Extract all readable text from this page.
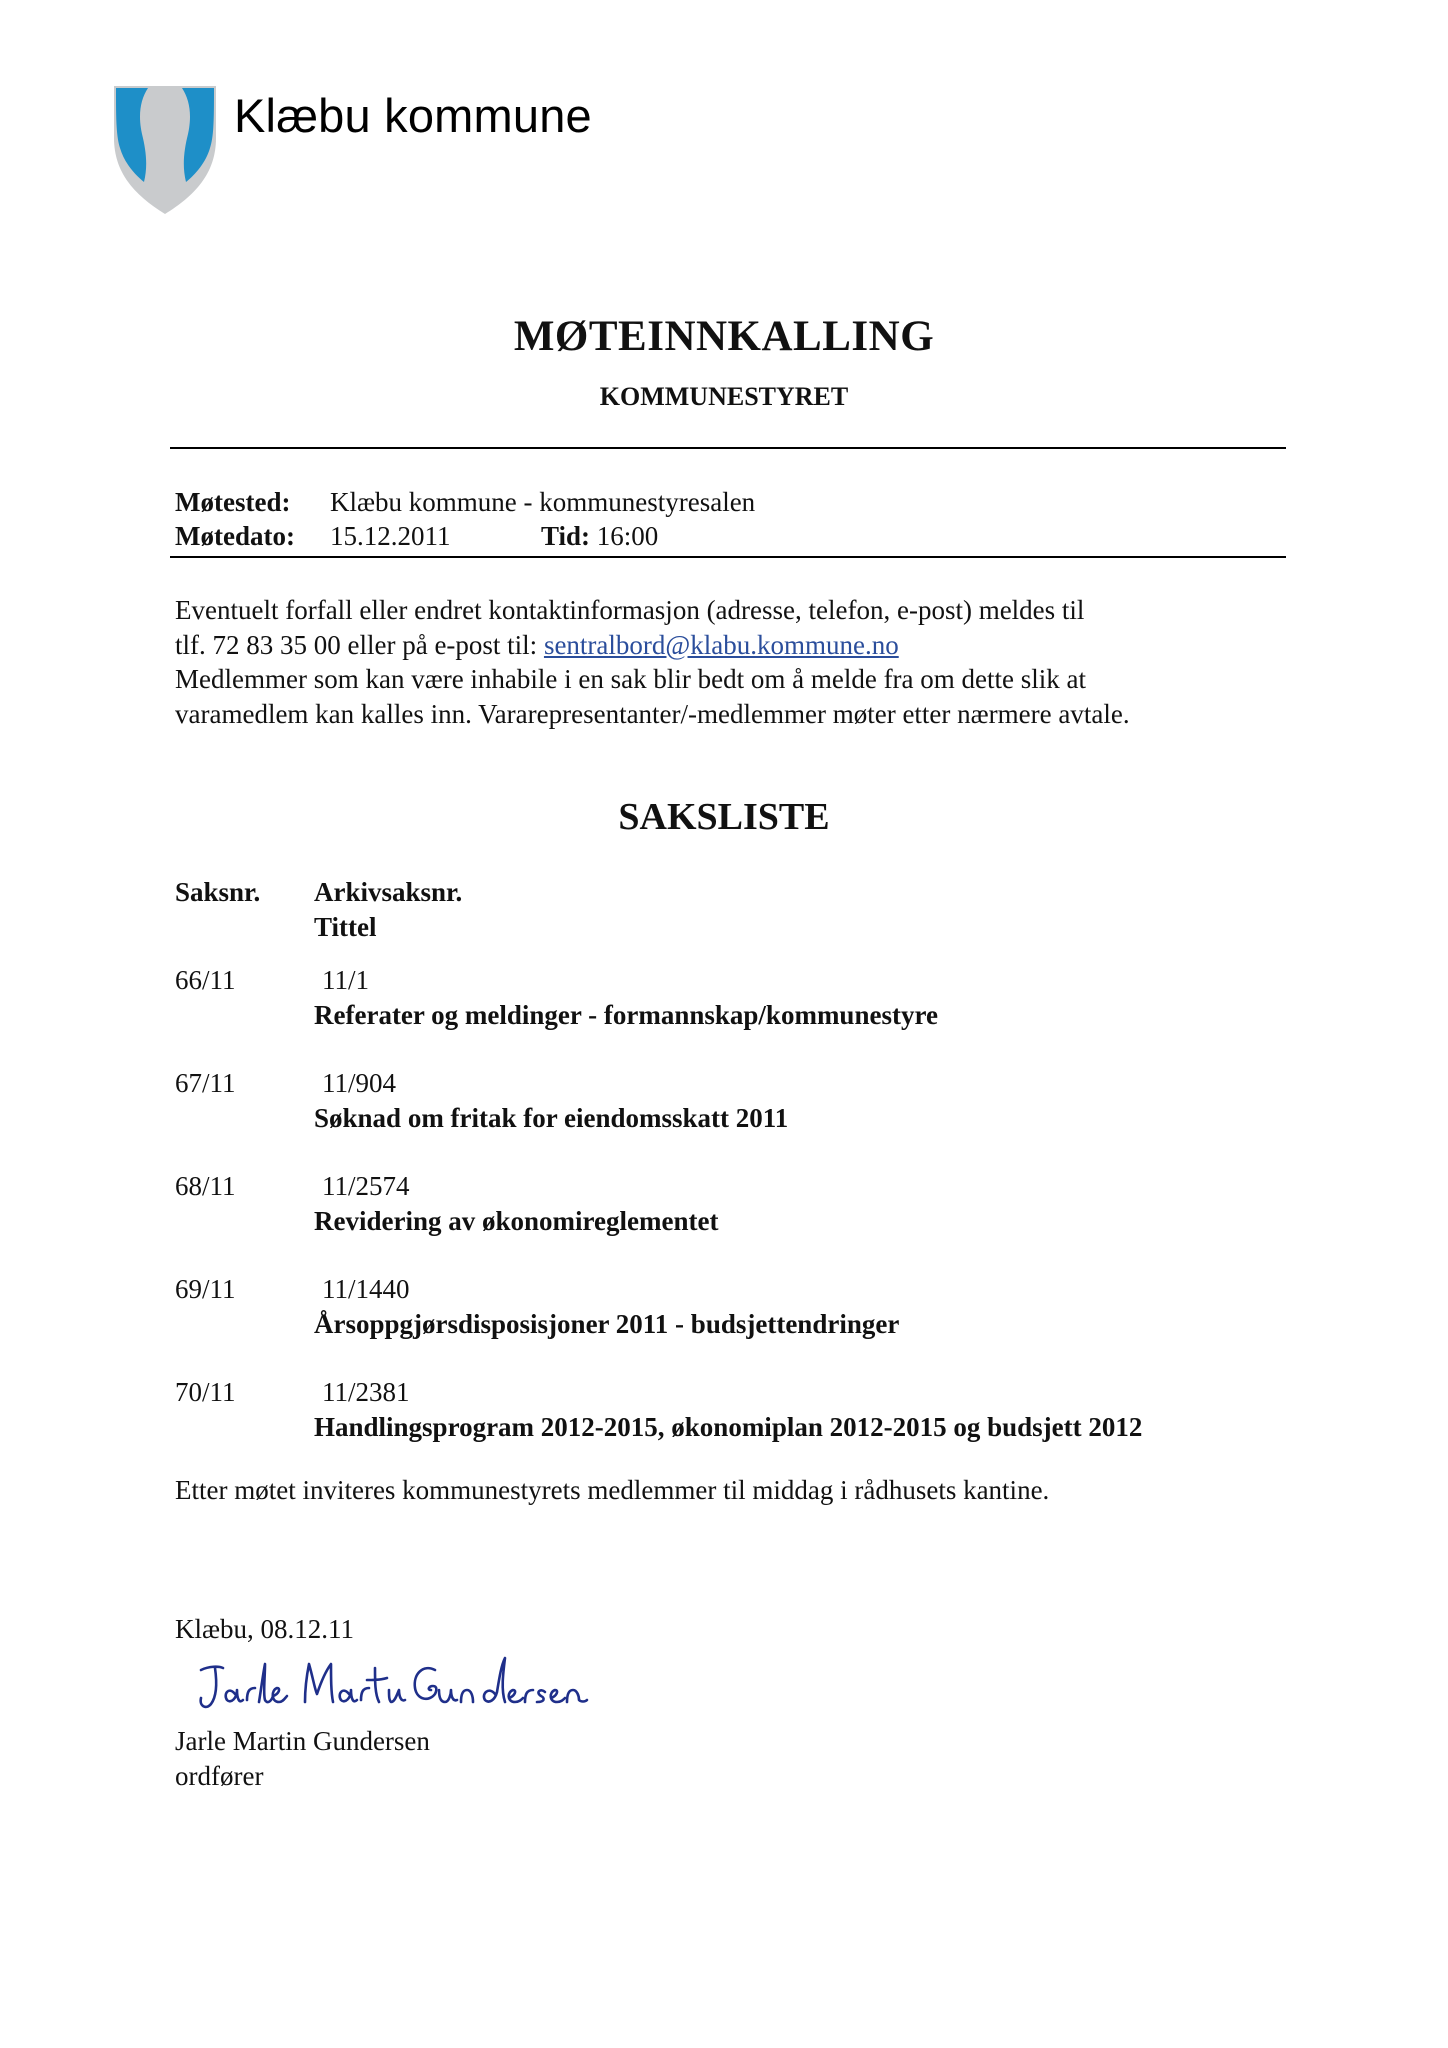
Klæbu kommune
MØTEINNKALLING
KOMMUNESTYRET
Møtested: Klæbu kommune - kommunestyresalen
Møtedato: 15.12.2011	Tid: 16:00
Eventuelt forfall eller endret kontaktinformasjon (adresse, telefon, e-post) meldes til
tlf. 72 83 35 00 eller på e-post til: sentralbord@klabu.kommune.no
Medlemmer som kan være inhabile i en sak blir bedt om å melde fra om dette slik at
varamedlem kan kalles inn. Vararepresentanter/-medlemmer møter etter nærmere avtale.
SAKSLISTE
Saksnr. Arkivsaksnr.
Tittel
66/11	11/1
Referater og meldinger - formannskap/kommunestyre
67/11	11/904
Søknad om fritak for eiendomsskatt 2011
68/11	11/2574
Revidering av økonomireglementet
69/11	11/1440
Årsoppgjørsdisposisjoner 2011 - budsjettendringer
70/11	11/2381
Handlingsprogram 2012-2015, økonomiplan 2012-2015 og budsjett 2012
Etter møtet inviteres kommunestyrets medlemmer til middag i rådhusets kantine.
Klæbu, 08.12.11
Jarle Martin Gundersen
ordfører
